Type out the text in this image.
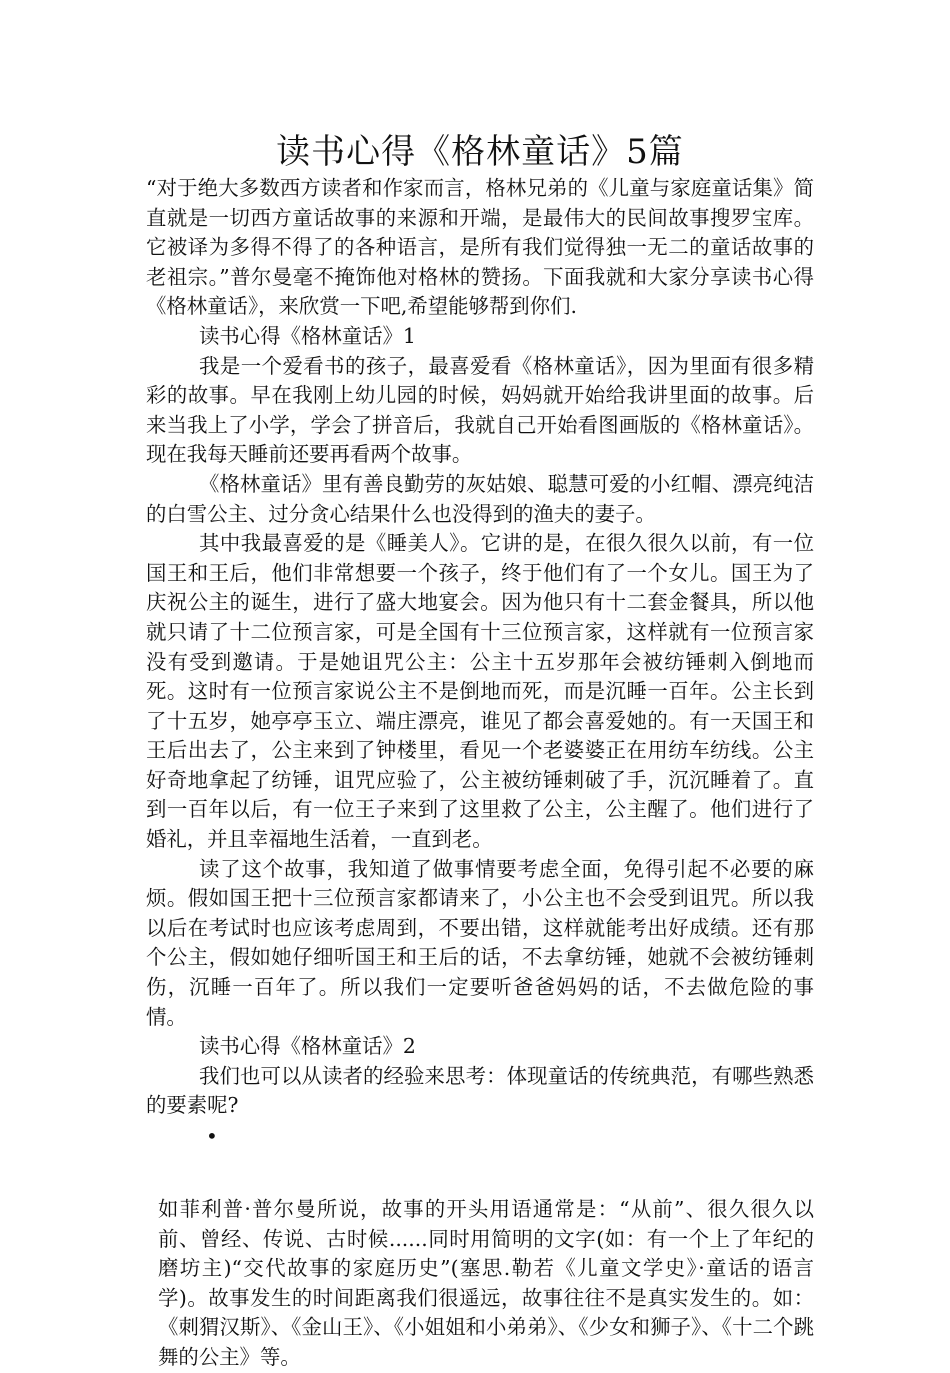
读书心得《格林童话》5篇

“对于绝大多数西方读者和作家而言，格林兄弟的《儿童与家庭童话集》简直就是一切西方童话故事的来源和开端，是最伟大的民间故事搜罗宝库。它被译为多得不得了的各种语言，是所有我们觉得独一无二的童话故事的老祖宗。”普尔曼毫不掩饰他对格林的赞扬。下面我就和大家分享读书心得《格林童话》，来欣赏一下吧,希望能够帮到你们.

读书心得《格林童话》1

我是一个爱看书的孩子，最喜爱看《格林童话》，因为里面有很多精彩的故事。早在我刚上幼儿园的时候，妈妈就开始给我讲里面的故事。后来当我上了小学，学会了拼音后，我就自己开始看图画版的《格林童话》。现在我每天睡前还要再看两个故事。

《格林童话》里有善良勤劳的灰姑娘、聪慧可爱的小红帽、漂亮纯洁的白雪公主、过分贪心结果什么也没得到的渔夫的妻子。

其中我最喜爱的是《睡美人》。它讲的是，在很久很久以前，有一位国王和王后，他们非常想要一个孩子，终于他们有了一个女儿。国王为了庆祝公主的诞生，进行了盛大地宴会。因为他只有十二套金餐具，所以他就只请了十二位预言家，可是全国有十三位预言家，这样就有一位预言家没有受到邀请。于是她诅咒公主：公主十五岁那年会被纺锤刺入倒地而死。这时有一位预言家说公主不是倒地而死，而是沉睡一百年。公主长到了十五岁，她亭亭玉立、端庄漂亮，谁见了都会喜爱她的。有一天国王和王后出去了，公主来到了钟楼里，看见一个老婆婆正在用纺车纺线。公主好奇地拿起了纺锤，诅咒应验了，公主被纺锤刺破了手，沉沉睡着了。直到一百年以后，有一位王子来到了这里救了公主，公主醒了。他们进行了婚礼，并且幸福地生活着，一直到老。

读了这个故事，我知道了做事情要考虑全面，免得引起不必要的麻烦。假如国王把十三位预言家都请来了，小公主也不会受到诅咒。所以我以后在考试时也应该考虑周到，不要出错，这样就能考出好成绩。还有那个公主，假如她仔细听国王和王后的话，不去拿纺锤，她就不会被纺锤刺伤，沉睡一百年了。所以我们一定要听爸爸妈妈的话，不去做危险的事情。

读书心得《格林童话》2

我们也可以从读者的经验来思考：体现童话的传统典范，有哪些熟悉的要素呢?

•

如菲利普·普尔曼所说，故事的开头用语通常是：“从前”、很久很久以前、曾经、传说、古时候......同时用简明的文字(如：有一个上了年纪的磨坊主)“交代故事的家庭历史”(塞思.勒若《儿童文学史》·童话的语言学)。故事发生的时间距离我们很遥远，故事往往不是真实发生的。如：《刺猬汉斯》、《金山王》、《小姐姐和小弟弟》、《少女和狮子》、《十二个跳舞的公主》等。
